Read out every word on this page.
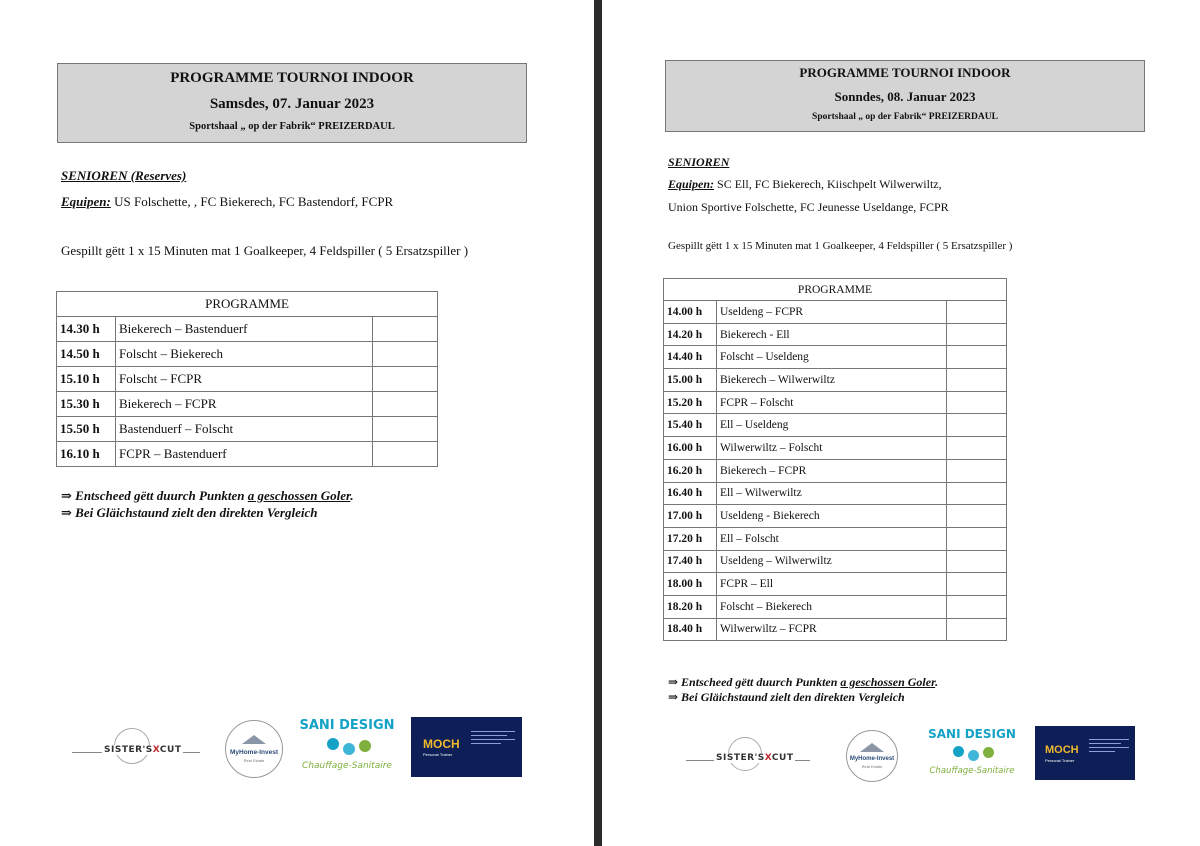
PROGRAMME TOURNOI INDOOR
Samsdes, 07. Januar 2023
Sportshaal „ op der Fabrik“ PREIZERDAUL
SENIOREN (Reserves)
Equipen: US Folschette, , FC Biekerech, FC Bastendorf, FCPR
Gespillt gëtt 1 x 15 Minuten mat 1 Goalkeeper, 4 Feldspiller ( 5 Ersatzspiller )
PROGRAMME		
14.30 h	Biekerech – Bastenduerf	
14.50 h	Folscht – Biekerech	
15.10 h	Folscht – FCPR	
15.30 h	Biekerech – FCPR	
15.50 h	Bastenduerf – Folscht	
16.10 h	FCPR – Bastenduerf	
⇒ Entscheed gëtt duurch Punkten a geschossen Goler.
⇒ Bei Gläichstaund zielt den direkten Vergleich
SISTER'SXCUT	MyHome-Invest
Real Estate
SANI DESIGN
Chauffage-Sanitaire
MOCH
Personal Trainer
PROGRAMME TOURNOI INDOOR
Sonndes, 08. Januar 2023
Sportshaal „ op der Fabrik“ PREIZERDAUL
SENIOREN
Equipen: SC Ell, FC Biekerech, Kiischpelt Wilwerwiltz,
Union Sportive Folschette, FC Jeunesse Useldange, FCPR
Gespillt gëtt 1 x 15 Minuten mat 1 Goalkeeper, 4 Feldspiller ( 5 Ersatzspiller )
PROGRAMME		
14.00 h	Useldeng – FCPR	
14.20 h	Biekerech - Ell	
14.40 h	Folscht – Useldeng	
15.00 h	Biekerech – Wilwerwiltz	
15.20 h	FCPR – Folscht	
15.40 h	Ell – Useldeng	
16.00 h	Wilwerwiltz – Folscht	
16.20 h	Biekerech – FCPR	
16.40 h	Ell – Wilwerwiltz	
17.00 h	Useldeng - Biekerech	
17.20 h	Ell – Folscht	
17.40 h	Useldeng – Wilwerwiltz	
18.00 h	FCPR – Ell	
18.20 h	Folscht – Biekerech	
18.40 h	Wilwerwiltz – FCPR	
⇒ Entscheed gëtt duurch Punkten a geschossen Goler.
⇒ Bei Gläichstaund zielt den direkten Vergleich
SISTER'SXCUT	MyHome-Invest
Real Estate
SANI DESIGN
Chauffage-Sanitaire
MOCH
Personal Trainer
